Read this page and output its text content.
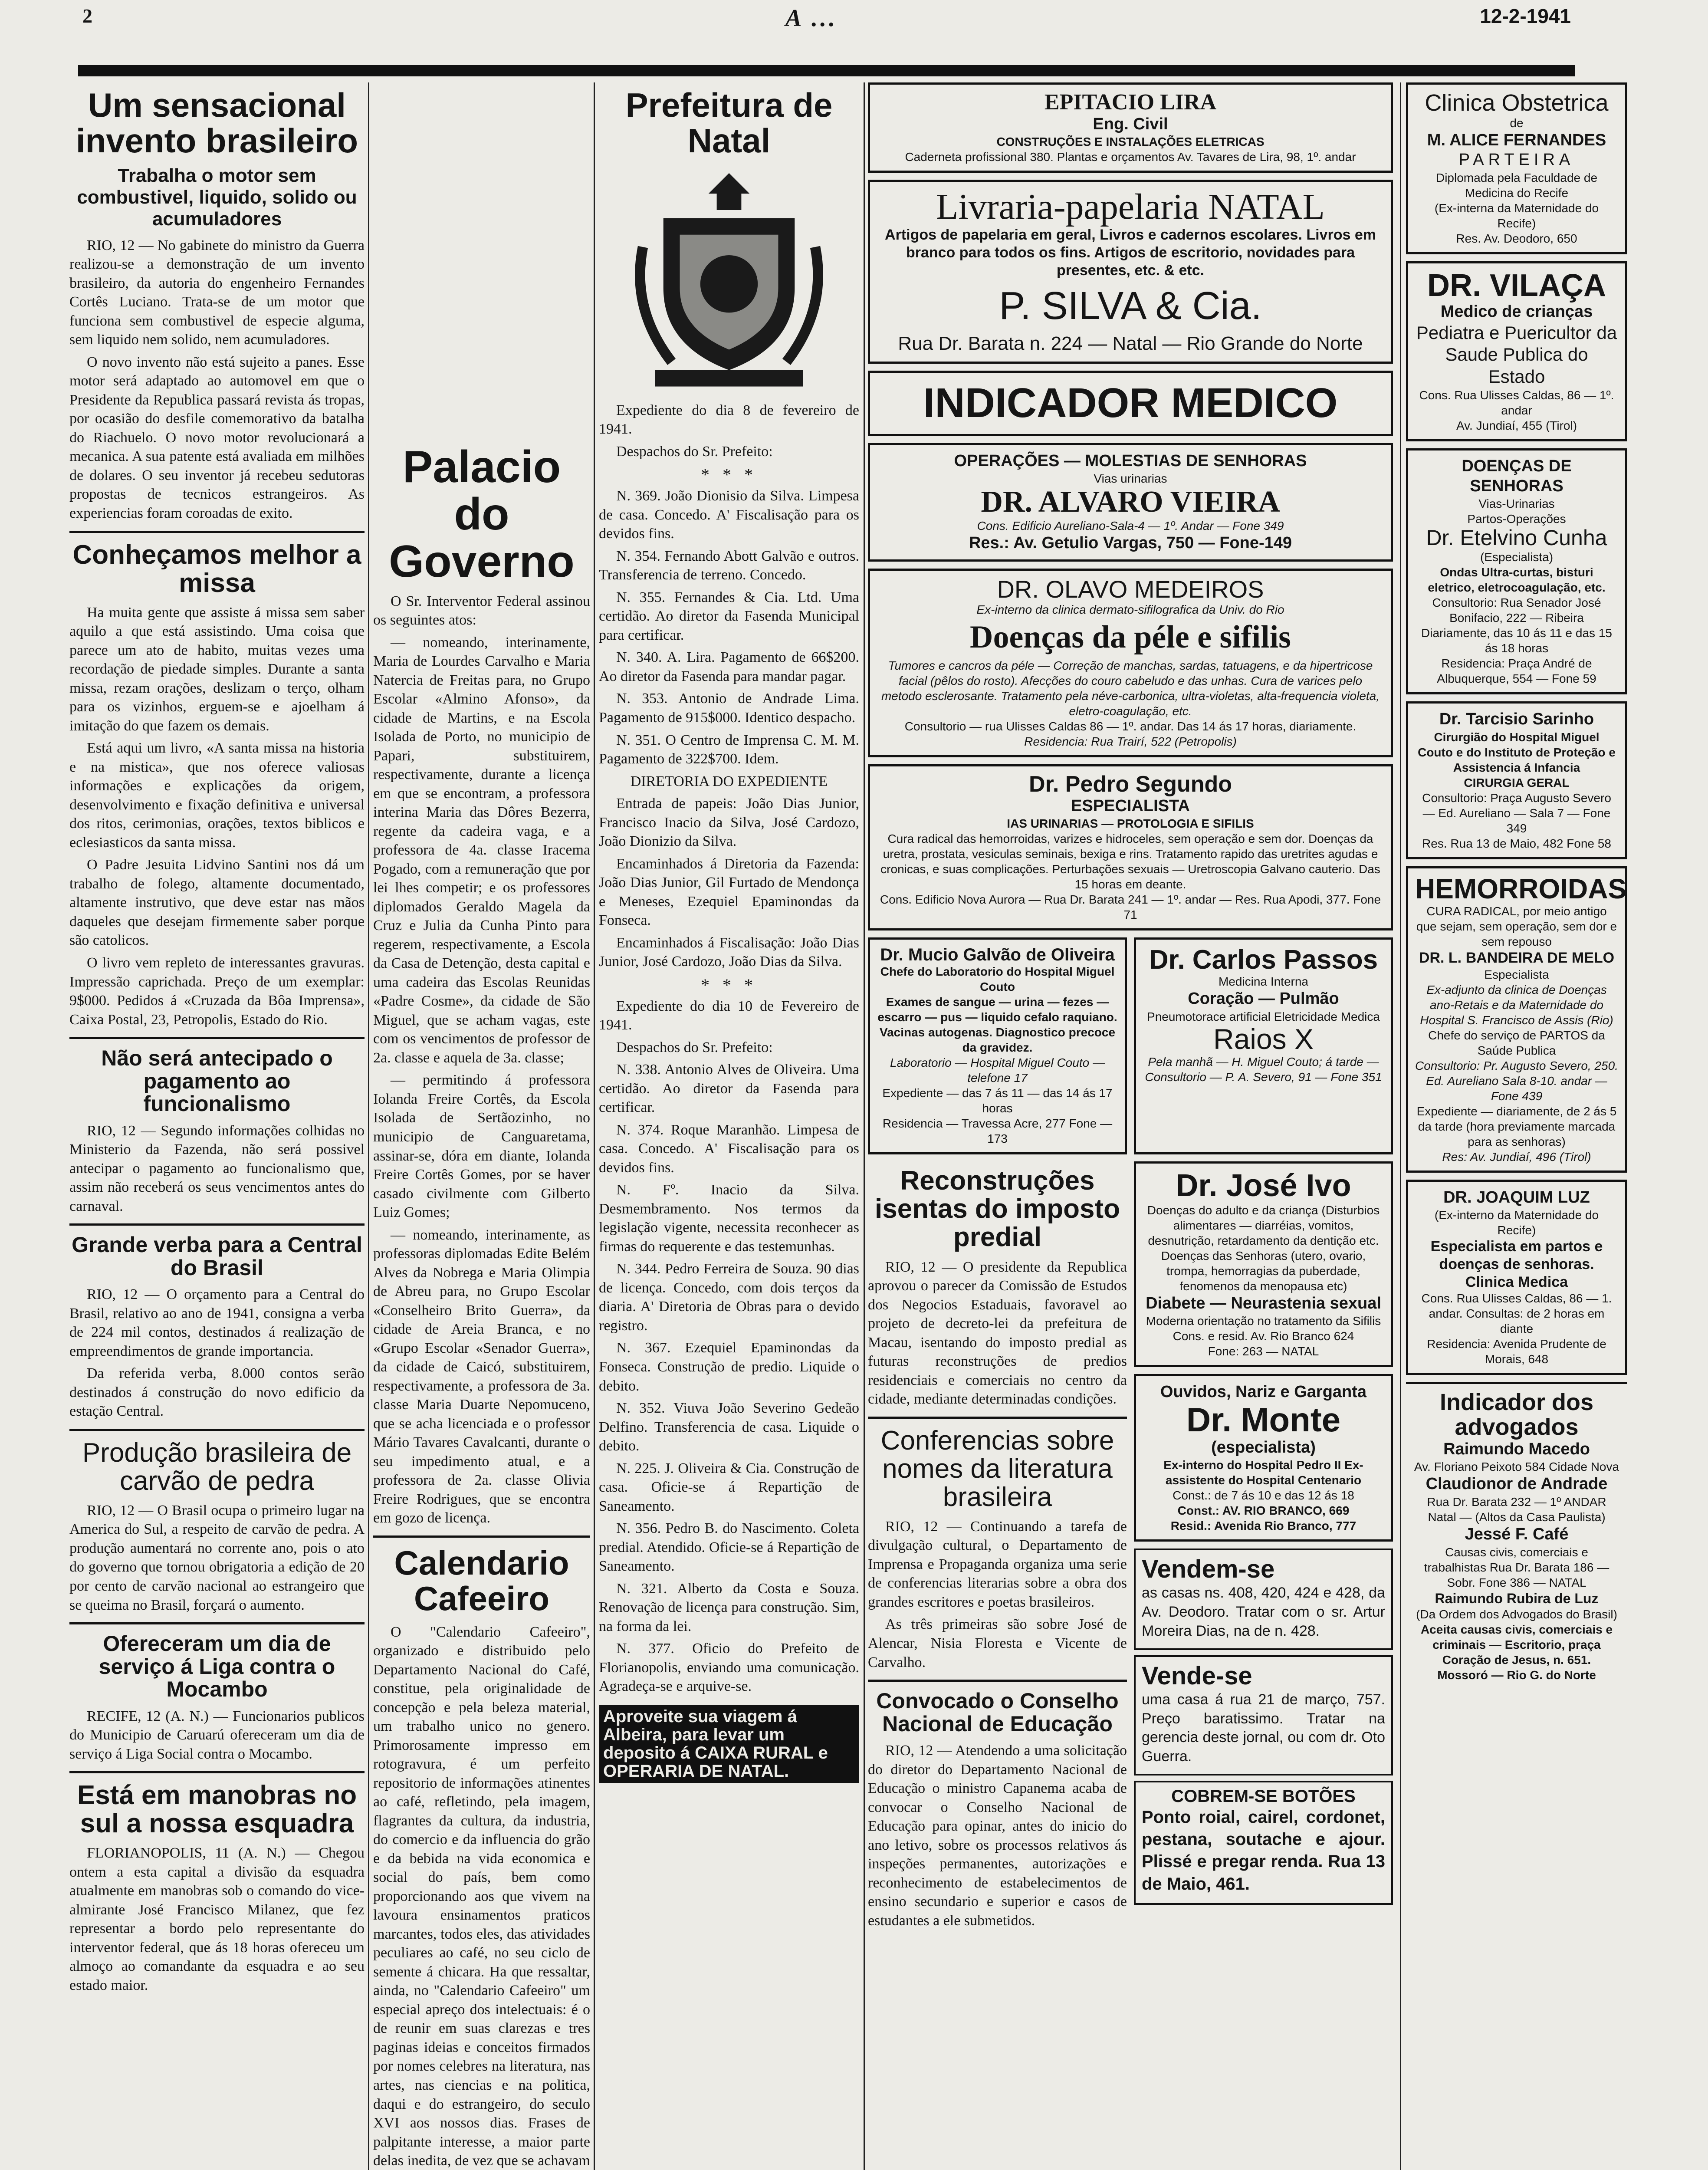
2	A ...	12-2-1941
Um sensacional invento brasileiro
Trabalha o motor sem combustivel, liquido, solido ou acumuladores

RIO, 12 — No gabinete do ministro da Guerra realizou-se a demonstração de um invento brasileiro, da autoria do engenheiro Fernandes Cortês Luciano. Trata-se de um motor que funciona sem combustivel de especie alguma, sem liquido nem solido, nem acumuladores.

O novo invento não está sujeito a panes. Esse motor será adaptado ao automovel em que o Presidente da Republica passará revista ás tropas, por ocasião do desfile comemorativo da batalha do Riachuelo. O novo motor revolucionará a mecanica. A sua patente está avaliada em milhões de dolares. O seu inventor já recebeu sedutoras propostas de tecnicos estrangeiros. As experiencias foram coroadas de exito.

Conheçamos melhor a missa

Ha muita gente que assiste á missa sem saber aquilo a que está assistindo. Uma coisa que parece um ato de habito, muitas vezes uma recordação de piedade simples. Durante a santa missa, rezam orações, deslizam o terço, olham para os vizinhos, erguem-se e ajoelham á imitação do que fazem os demais.

Está aqui um livro, «A santa missa na historia e na mistica», que nos oferece valiosas informações e explicações da origem, desenvolvimento e fixação definitiva e universal dos ritos, cerimonias, orações, textos biblicos e eclesiasticos da santa missa.

O Padre Jesuita Lidvino Santini nos dá um trabalho de folego, altamente documentado, altamente instrutivo, que deve estar nas mãos daqueles que desejam firmemente saber porque são catolicos.

O livro vem repleto de interessantes gravuras. Impressão caprichada. Preço de um exemplar: 9$000. Pedidos á «Cruzada da Bôa Imprensa», Caixa Postal, 23, Petropolis, Estado do Rio.

Não será antecipado o pagamento ao funcionalismo

RIO, 12 — Segundo informações colhidas no Ministerio da Fazenda, não será possivel antecipar o pagamento ao funcionalismo que, assim não receberá os seus vencimentos antes do carnaval.

Grande verba para a Central do Brasil

RIO, 12 — O orçamento para a Central do Brasil, relativo ao ano de 1941, consigna a verba de 224 mil contos, destinados á realização de empreendimentos de grande importancia.

Da referida verba, 8.000 contos serão destinados á construção do novo edificio da estação Central.

Produção brasileira de carvão de pedra

RIO, 12 — O Brasil ocupa o primeiro lugar na America do Sul, a respeito de carvão de pedra. A produção aumentará no corrente ano, pois o ato do governo que tornou obrigatoria a edição de 20 por cento de carvão nacional ao estrangeiro que se queima no Brasil, forçará o aumento.

Ofereceram um dia de serviço á Liga contra o Mocambo

RECIFE, 12 (A. N.) — Funcionarios publicos do Municipio de Caruarú ofereceram um dia de serviço á Liga Social contra o Mocambo.

Está em manobras no sul a nossa esquadra

FLORIANOPOLIS, 11 (A. N.) — Chegou ontem a esta capital a divisão da esquadra atualmente em manobras sob o comando do vice-almirante José Francisco Milanez, que fez representar a bordo pelo representante do interventor federal, que ás 18 horas ofereceu um almoço ao comandante da esquadra e ao seu estado maior.

Palacio do Governo

O Sr. Interventor Federal assinou os seguintes atos:

— nomeando, interinamente, Maria de Lourdes Carvalho e Maria Natercia de Freitas para, no Grupo Escolar «Almino Afonso», da cidade de Martins, e na Escola Isolada de Porto, no municipio de Papari, substituirem, respectivamente, durante a licença em que se encontram, a professora interina Maria das Dôres Bezerra, regente da cadeira vaga, e a professora de 4a. classe Iracema Pogado, com a remuneração que por lei lhes competir; e os professores diplomados Geraldo Magela da Cruz e Julia da Cunha Pinto para regerem, respectivamente, a Escola da Casa de Detenção, desta capital e uma cadeira das Escolas Reunidas «Padre Cosme», da cidade de São Miguel, que se acham vagas, este com os vencimentos de professor de 2a. classe e aquela de 3a. classe;

— permitindo á professora Iolanda Freire Cortês, da Escola Isolada de Sertãozinho, no municipio de Canguaretama, assinar-se, dóra em diante, Iolanda Freire Cortês Gomes, por se haver casado civilmente com Gilberto Luiz Gomes;

— nomeando, interinamente, as professoras diplomadas Edite Belém Alves da Nobrega e Maria Olimpia de Abreu para, no Grupo Escolar «Conselheiro Brito Guerra», da cidade de Areia Branca, e no «Grupo Escolar «Senador Guerra», da cidade de Caicó, substituirem, respectivamente, a professora de 3a. classe Maria Duarte Nepomuceno, que se acha licenciada e o professor Mário Tavares Cavalcanti, durante o seu impedimento atual, e a professora de 2a. classe Olivia Freire Rodrigues, que se encontra em gozo de licença.

Calendario Cafeeiro

O "Calendario Cafeeiro", organizado e distribuido pelo Departamento Nacional do Café, constitue, pela originalidade de concepção e pela beleza material, um trabalho unico no genero. Primorosamente impresso em rotogravura, é um perfeito repositorio de informações atinentes ao café, refletindo, pela imagem, flagrantes da cultura, da industria, do comercio e da influencia do grão e da bebida na vida economica e social do país, bem como proporcionando aos que vivem na lavoura ensinamentos praticos marcantes, todos eles, das atividades peculiares ao café, no seu ciclo de semente á chicara. Ha que ressaltar, ainda, no "Calendario Cafeeiro" um especial apreço dos intelectuais: é o de reunir em suas clarezas e tres paginas ideias e conceitos firmados por nomes celebres na literatura, nas artes, nas ciencias e na politica, daqui e do estrangeiro, do seculo XVI aos nossos dias. Frases de palpitante interesse, a maior parte delas inedita, de vez que se achavam

Prefeitura de Natal

Expediente do dia 8 de fevereiro de 1941.

Despachos do Sr. Prefeito:

* * *

N. 369. João Dionisio da Silva. Limpesa de casa. Concedo. A' Fiscalisação para os devidos fins.

N. 354. Fernando Abott Galvão e outros. Transferencia de terreno. Concedo.

N. 355. Fernandes & Cia. Ltd. Uma certidão. Ao diretor da Fasenda Municipal para certificar.

N. 340. A. Lira. Pagamento de 66$200. Ao diretor da Fasenda para mandar pagar.

N. 353. Antonio de Andrade Lima. Pagamento de 915$000. Identico despacho.

N. 351. O Centro de Imprensa C. M. M. Pagamento de 322$700. Idem.

DIRETORIA DO EXPEDIENTE

Entrada de papeis: João Dias Junior, Francisco Inacio da Silva, José Cardozo, João Dionizio da Silva.

Encaminhados á Diretoria da Fazenda: João Dias Junior, Gil Furtado de Mendonça e Meneses, Ezequiel Epaminondas da Fonseca.

Encaminhados á Fiscalisação: João Dias Junior, José Cardozo, João Dias da Silva.

* * *

Expediente do dia 10 de Fevereiro de 1941.

Despachos do Sr. Prefeito:

N. 338. Antonio Alves de Oliveira. Uma certidão. Ao diretor da Fasenda para certificar.

N. 374. Roque Maranhão. Limpesa de casa. Concedo. A' Fiscalisação para os devidos fins.

N. Fº. Inacio da Silva. Desmembramento. Nos termos da legislação vigente, necessita reconhecer as firmas do requerente e das testemunhas.

N. 344. Pedro Ferreira de Souza. 90 dias de licença. Concedo, com dois terços da diaria. A' Diretoria de Obras para o devido registro.

N. 367. Ezequiel Epaminondas da Fonseca. Construção de predio. Liquide o debito.

N. 352. Viuva João Severino Gedeão Delfino. Transferencia de casa. Liquide o debito.

N. 225. J. Oliveira & Cia. Construção de casa. Oficie-se á Repartição de Saneamento.

N. 356. Pedro B. do Nascimento. Coleta predial. Atendido. Oficie-se á Repartição de Saneamento.

N. 321. Alberto da Costa e Souza. Renovação de licença para construção. Sim, na forma da lei.

N. 377. Oficio do Prefeito de Florianopolis, enviando uma comunicação. Agradeça-se e arquive-se.

Aproveite sua viagem á Albeira, para levar um deposito á CAIXA RURAL e OPERARIA DE NATAL.
EPITACIO LIRA
Eng. Civil
CONSTRUÇÕES E INSTALAÇÕES ELETRICAS
Caderneta profissional 380. Plantas e orçamentos Av. Tavares de Lira, 98, 1º. andar
Livraria-papelaria NATAL
Artigos de papelaria em geral, Livros e cadernos escolares. Livros em branco para todos os fins. Artigos de escritorio, novidades para presentes, etc. & etc.
P. SILVA & Cia.
Rua Dr. Barata n. 224 — Natal — Rio Grande do Norte
INDICADOR MEDICO
OPERAÇÕES — MOLESTIAS DE SENHORAS
Vias urinarias
DR. ALVARO VIEIRA
Cons. Edificio Aureliano-Sala-4 — 1º. Andar — Fone 349
Res.: Av. Getulio Vargas, 750 — Fone-149
DR. OLAVO MEDEIROS
Ex-interno da clinica dermato-sifilografica da Univ. do Rio
Doenças da péle e sifilis
Tumores e cancros da péle — Correção de manchas, sardas, tatuagens, e da hipertricose facial (pêlos do rosto). Afecções do couro cabeludo e das unhas. Cura de varices pelo metodo esclerosante. Tratamento pela néve-carbonica, ultra-violetas, alta-frequencia violeta, eletro-coagulação, etc.
Consultorio — rua Ulisses Caldas 86 — 1º. andar. Das 14 ás 17 horas, diariamente.
Residencia: Rua Trairí, 522 (Petropolis)
Dr. Pedro Segundo
ESPECIALISTA
IAS URINARIAS — PROTOLOGIA E SIFILIS
Cura radical das hemorroidas, varizes e hidroceles, sem operação e sem dor. Doenças da uretra, prostata, vesiculas seminais, bexiga e rins. Tratamento rapido das uretrites agudas e cronicas, e suas complicações. Perturbações sexuais — Uretroscopia Galvano cauterio. Das 15 horas em deante.
Cons. Edificio Nova Aurora — Rua Dr. Barata 241 — 1º. andar — Res. Rua Apodi, 377. Fone 71
Dr. Mucio Galvão de Oliveira
Chefe do Laboratorio do Hospital Miguel Couto
Exames de sangue — urina — fezes — escarro — pus — liquido cefalo raquiano. Vacinas autogenas. Diagnostico precoce da gravidez.
Laboratorio — Hospital Miguel Couto — telefone 17
Expediente — das 7 ás 11 — das 14 ás 17 horas
Residencia — Travessa Acre, 277 Fone — 173
Dr. Carlos Passos
Medicina Interna
Coração — Pulmão
Pneumotorace artificial Eletricidade Medica
Raios X
Pela manhã — H. Miguel Couto; á tarde — Consultorio — P. A. Severo, 91 — Fone 351
Reconstruções isentas do imposto predial

RIO, 12 — O presidente da Republica aprovou o parecer da Comissão de Estudos dos Negocios Estaduais, favoravel ao projeto de decreto-lei da prefeitura de Macau, isentando do imposto predial as futuras reconstruções de predios residenciais e comerciais no centro da cidade, mediante determinadas condições.

Conferencias sobre nomes da literatura brasileira

RIO, 12 — Continuando a tarefa de divulgação cultural, o Departamento de Imprensa e Propaganda organiza uma serie de conferencias literarias sobre a obra dos grandes escritores e poetas brasileiros.

As três primeiras são sobre José de Alencar, Nisia Floresta e Vicente de Carvalho.

Convocado o Conselho Nacional de Educação

RIO, 12 — Atendendo a uma solicitação do diretor do Departamento Nacional de Educação o ministro Capanema acaba de convocar o Conselho Nacional de Educação para opinar, antes do inicio do ano letivo, sobre os processos relativos ás inspeções permanentes, autorizações e reconhecimento de estabelecimentos de ensino secundario e superior e casos de estudantes a ele submetidos.

Dr. José Ivo
Doenças do adulto e da criança (Disturbios alimentares — diarréias, vomitos, desnutrição, retardamento da dentição etc.
Doenças das Senhoras (utero, ovario, trompa, hemorragias da puberdade, fenomenos da menopausa etc)
Diabete — Neurastenia sexual
Moderna orientação no tratamento da Sifilis
Cons. e resid. Av. Rio Branco 624
Fone: 263 — NATAL
Ouvidos, Nariz e Garganta
Dr. Monte
(especialista)
Ex-interno do Hospital Pedro II Ex-assistente do Hospital Centenario
Const.: de 7 ás 10 e das 12 ás 18
Const.: AV. RIO BRANCO, 669
Resid.: Avenida Rio Branco, 777
Vendem-se

as casas ns. 408, 420, 424 e 428, da Av. Deodoro. Tratar com o sr. Artur Moreira Dias, na de n. 428.

Vende-se

uma casa á rua 21 de março, 757. Preço baratissimo. Tratar na gerencia deste jornal, ou com dr. Oto Guerra.

COBREM-SE BOTÕES

Ponto roial, cairel, cordonet, pestana, soutache e ajour. Plissé e pregar renda. Rua 13 de Maio, 461.

Clinica Obstetrica
de
M. ALICE FERNANDES
PARTEIRA
Diplomada pela Faculdade de Medicina do Recife
(Ex-interna da Maternidade do Recife)
Res. Av. Deodoro, 650
DR. VILAÇA
Medico de crianças
Pediatra e Puericultor da Saude Publica do Estado
Cons. Rua Ulisses Caldas, 86 — 1º. andar
Av. Jundiaí, 455 (Tirol)
DOENÇAS DE SENHORAS
Vias-Urinarias
Partos-Operações
Dr. Etelvino Cunha
(Especialista)
Ondas Ultra-curtas, bisturi eletrico, eletrocoagulação, etc.
Consultorio: Rua Senador José Bonifacio, 222 — Ribeira Diariamente, das 10 ás 11 e das 15 ás 18 horas
Residencia: Praça André de Albuquerque, 554 — Fone 59
Dr. Tarcisio Sarinho
Cirurgião do Hospital Miguel Couto e do Instituto de Proteção e Assistencia á Infancia
CIRURGIA GERAL
Consultorio: Praça Augusto Severo — Ed. Aureliano — Sala 7 — Fone 349
Res. Rua 13 de Maio, 482 Fone 58
HEMORROIDAS
CURA RADICAL, por meio antigo que sejam, sem operação, sem dor e sem repouso
DR. L. BANDEIRA DE MELO
Especialista
Ex-adjunto da clinica de Doenças ano-Retais e da Maternidade do Hospital S. Francisco de Assis (Rio)
Chefe do serviço de PARTOS da Saúde Publica
Consultorio: Pr. Augusto Severo, 250. Ed. Aureliano Sala 8-10. andar — Fone 439
Expediente — diariamente, de 2 ás 5 da tarde (hora previamente marcada para as senhoras)
Res: Av. Jundiaí, 496 (Tirol)
DR. JOAQUIM LUZ
(Ex-interno da Maternidade do Recife)
Especialista em partos e doenças de senhoras.
Clinica Medica
Cons. Rua Ulisses Caldas, 86 — 1. andar. Consultas: de 2 horas em diante
Residencia: Avenida Prudente de Morais, 648
Indicador dos advogados
Raimundo Macedo
Av. Floriano Peixoto 584 Cidade Nova
Claudionor de Andrade
Rua Dr. Barata 232 — 1º ANDAR Natal — (Altos da Casa Paulista)
Jessé F. Café
Causas civis, comerciais e trabalhistas Rua Dr. Barata 186 — Sobr. Fone 386 — NATAL
Raimundo Rubira de Luz
(Da Ordem dos Advogados do Brasil)
Aceita causas civis, comerciais e criminais — Escritorio, praça Coração de Jesus, n. 651.
Mossoró — Rio G. do Norte
